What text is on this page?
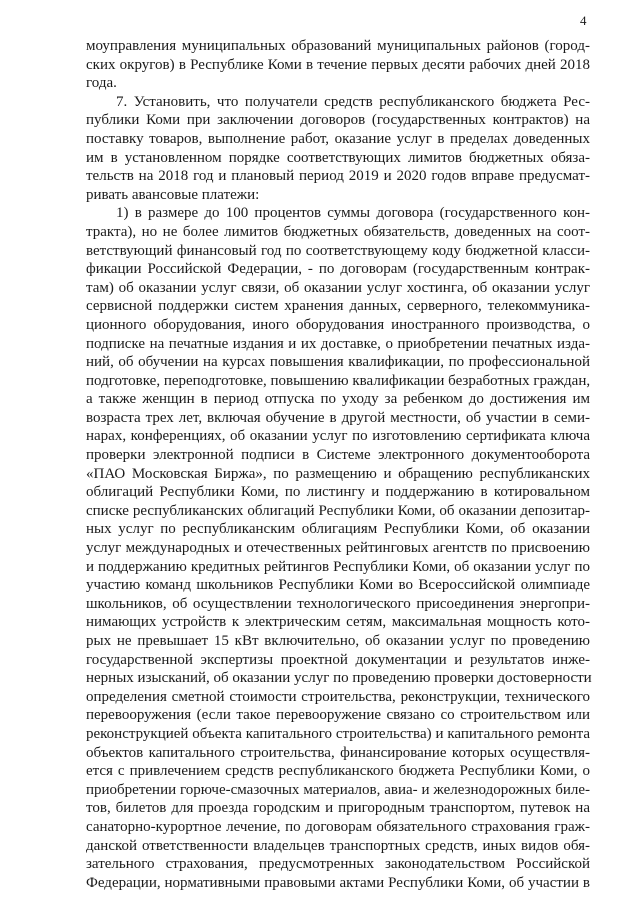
4
моуправления муниципальных образований муниципальных районов (город-
ских округов) в Республике Коми в течение первых десяти рабочих дней 2018
года.
7. Установить, что получатели средств республиканского бюджета Рес-
публики Коми при заключении договоров (государственных контрактов) на
поставку товаров, выполнение работ, оказание услуг в пределах доведенных
им в установленном порядке соответствующих лимитов бюджетных обяза-
тельств на 2018 год и плановый период 2019 и 2020 годов вправе предусмат-
ривать авансовые платежи:
1) в размере до 100 процентов суммы договора (государственного кон-
тракта), но не более лимитов бюджетных обязательств, доведенных на соот-
ветствующий финансовый год по соответствующему коду бюджетной класси-
фикации Российской Федерации, - по договорам (государственным контрак-
там) об оказании услуг связи, об оказании услуг хостинга, об оказании услуг
сервисной поддержки систем хранения данных, серверного, телекоммуника-
ционного оборудования, иного оборудования иностранного производства, о
подписке на печатные издания и их доставке, о приобретении печатных изда-
ний, об обучении на курсах повышения квалификации, по профессиональной
подготовке, переподготовке, повышению квалификации безработных граждан,
а также женщин в период отпуска по уходу за ребенком до достижения им
возраста трех лет, включая обучение в другой местности, об участии в семи-
нарах, конференциях, об оказании услуг по изготовлению сертификата ключа
проверки электронной подписи в Системе электронного документооборота
«ПАО Московская Биржа», по размещению и обращению республиканских
облигаций Республики Коми, по листингу и поддержанию в котировальном
списке республиканских облигаций Республики Коми, об оказании депозитар-
ных услуг по республиканским облигациям Республики Коми, об оказании
услуг международных и отечественных рейтинговых агентств по присвоению
и поддержанию кредитных рейтингов Республики Коми, об оказании услуг по
участию команд школьников Республики Коми во Всероссийской олимпиаде
школьников, об осуществлении технологического присоединения энергопри-
нимающих устройств к электрическим сетям, максимальная мощность кото-
рых не превышает 15 кВт включительно, об оказании услуг по проведению
государственной экспертизы проектной документации и результатов инже-
нерных изысканий, об оказании услуг по проведению проверки достоверности
определения сметной стоимости строительства, реконструкции, технического
перевооружения (если такое перевооружение связано со строительством или
реконструкцией объекта капитального строительства) и капитального ремонта
объектов капитального строительства, финансирование которых осуществля-
ется с привлечением средств республиканского бюджета Республики Коми, о
приобретении горюче-смазочных материалов, авиа- и железнодорожных биле-
тов, билетов для проезда городским и пригородным транспортом, путевок на
санаторно-курортное лечение, по договорам обязательного страхования граж-
данской ответственности владельцев транспортных средств, иных видов обя-
зательного страхования, предусмотренных законодательством Российской
Федерации, нормативными правовыми актами Республики Коми, об участии в
